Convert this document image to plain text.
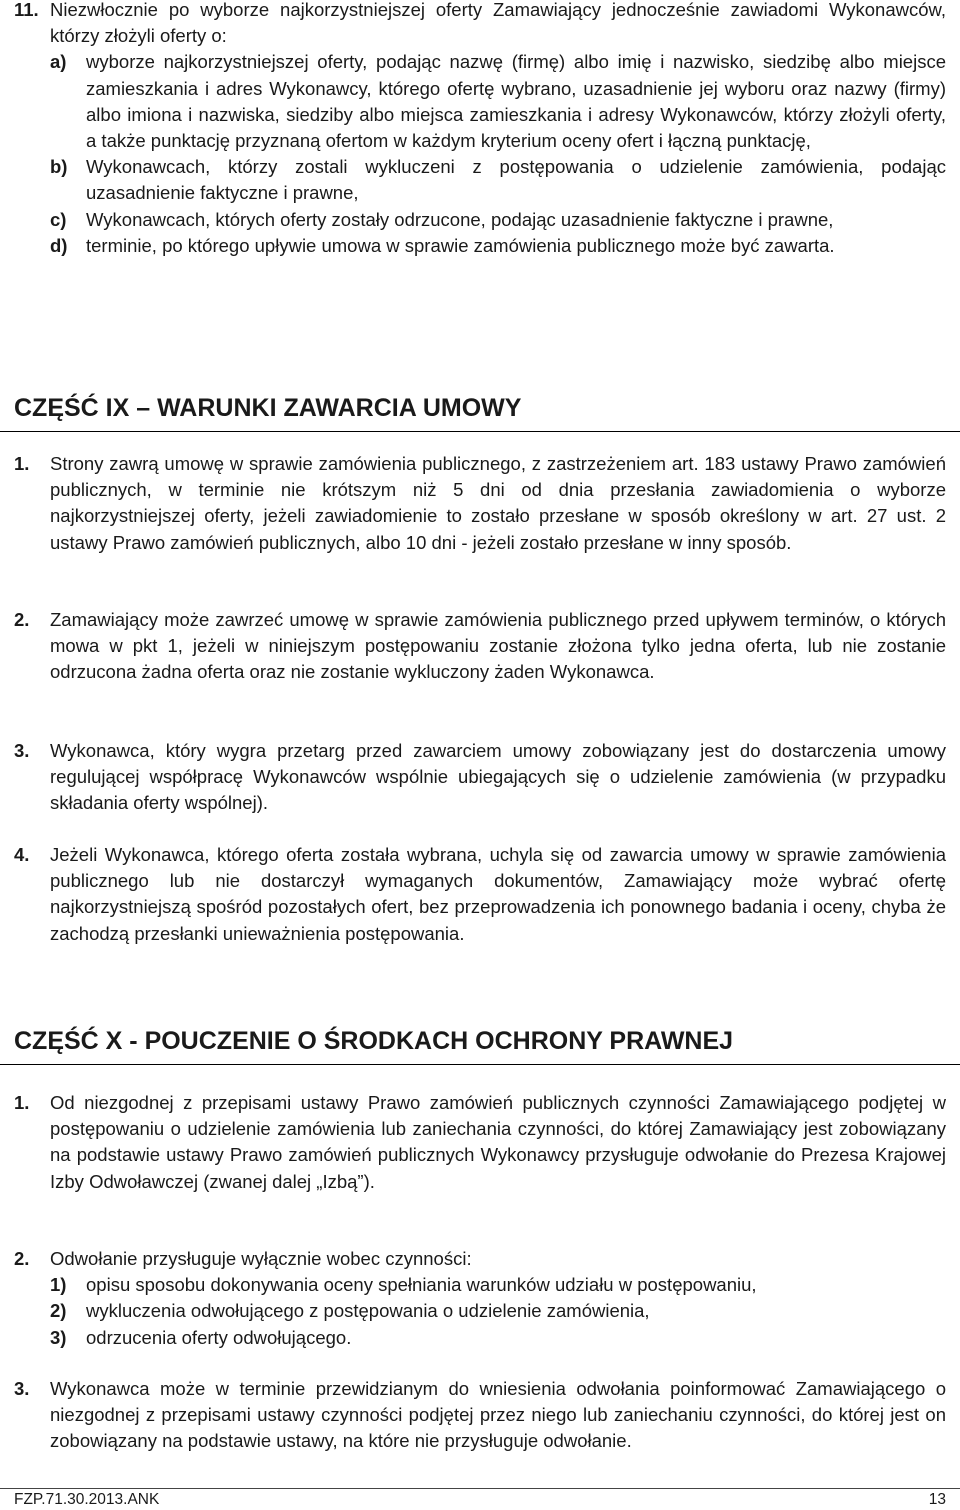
11. Niezwłocznie po wyborze najkorzystniejszej oferty Zamawiający jednocześnie zawiadomi Wykonawców, którzy złożyli oferty o:
a)	wyborze najkorzystniejszej oferty, podając nazwę (firmę) albo imię i nazwisko, siedzibę albo miejsce zamieszkania i adres Wykonawcy, którego ofertę wybrano, uzasadnienie jej wyboru oraz nazwy (firmy) albo imiona i nazwiska, siedziby albo miejsca zamieszkania i adresy Wykonawców, którzy złożyli oferty, a także punktację przyznaną ofertom w każdym kryterium oceny ofert i łączną punktację,
b)	Wykonawcach, którzy zostali wykluczeni z postępowania o udzielenie zamówienia, podając uzasadnienie faktyczne i prawne,
c)	Wykonawcach, których oferty zostały odrzucone, podając uzasadnienie faktyczne i prawne,
d)	terminie, po którego upływie umowa w sprawie zamówienia publicznego może być zawarta.
CZĘŚĆ IX – WARUNKI ZAWARCIA UMOWY
1.	Strony zawrą umowę w sprawie zamówienia publicznego, z zastrzeżeniem art. 183 ustawy Prawo zamówień publicznych, w terminie nie krótszym niż 5 dni od dnia przesłania zawiadomienia o wyborze najkorzystniejszej oferty, jeżeli zawiadomienie to zostało przesłane w sposób określony w art. 27 ust. 2 ustawy Prawo zamówień publicznych, albo 10 dni - jeżeli zostało przesłane w inny sposób.
2.	Zamawiający może zawrzeć umowę w sprawie zamówienia publicznego przed upływem terminów, o których mowa w pkt 1, jeżeli w niniejszym postępowaniu zostanie złożona tylko jedna oferta, lub nie zostanie odrzucona żadna oferta oraz nie zostanie wykluczony żaden Wykonawca.
3.	Wykonawca, który wygra przetarg przed zawarciem umowy zobowiązany jest do dostarczenia umowy regulującej współpracę Wykonawców wspólnie ubiegających się o udzielenie zamówienia (w przypadku składania oferty wspólnej).
4.	Jeżeli Wykonawca, którego oferta została wybrana, uchyla się od zawarcia umowy w sprawie zamówienia publicznego lub nie dostarczył wymaganych dokumentów, Zamawiający może wybrać ofertę najkorzystniejszą spośród pozostałych ofert, bez przeprowadzenia ich ponownego badania i oceny, chyba że zachodzą przesłanki unieważnienia postępowania.
CZĘŚĆ X - POUCZENIE O ŚRODKACH OCHRONY PRAWNEJ
1.	Od niezgodnej z przepisami ustawy Prawo zamówień publicznych czynności Zamawiającego podjętej w postępowaniu o udzielenie zamówienia lub zaniechania czynności, do której Zamawiający jest zobowiązany na podstawie ustawy Prawo zamówień publicznych Wykonawcy przysługuje odwołanie do Prezesa Krajowej Izby Odwoławczej (zwanej dalej „Izbą”).
2.	Odwołanie przysługuje wyłącznie wobec czynności:
1)	opisu sposobu dokonywania oceny spełniania warunków udziału w postępowaniu,
2)	wykluczenia odwołującego z postępowania o udzielenie zamówienia,
3)	odrzucenia oferty odwołującego.
3.	Wykonawca może w terminie przewidzianym do wniesienia odwołania poinformować Zamawiającego o niezgodnej z przepisami ustawy czynności podjętej przez niego lub zaniechaniu czynności, do której jest on zobowiązany na podstawie ustawy, na które nie przysługuje odwołanie.
FZP.71.30.2013.ANK	13
